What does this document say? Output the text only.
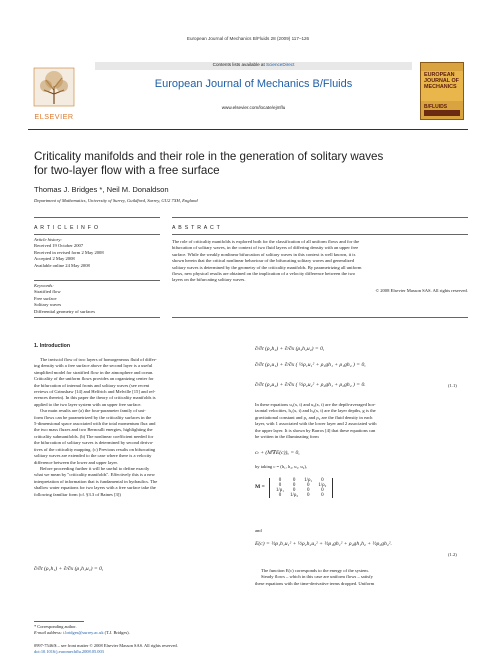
European Journal of Mechanics B/Fluids 28 (2009) 117–126
Contents lists available at ScienceDirect
European Journal of Mechanics B/Fluids
www.elsevier.com/locate/ejmflu
ELSEVIER
EUROPEAN JOURNAL OF MECHANICS
B/FLUIDS
Criticality manifolds and their role in the generation of solitary waves
for two-layer flow with a free surface
Thomas J. Bridges *, Neil M. Donaldson
Department of Mathematics, University of Surrey, Guildford, Surrey, GU2 7XH, England
A R T I C L E I N F O
Article history:
Received 19 October 2007
Received in revised form 2 May 2008
Accepted 2 May 2008
Available online 24 May 2008
Keywords:
Stratified flow
Free surface
Solitary waves
Differential geometry of surfaces
A B S T R A C T
The role of criticality manifolds is explored both for the classification of all uniform flows and for the
bifurcation of solitary waves, in the context of two fluid layers of differing density with an upper free
surface. While the weakly nonlinear bifurcation of solitary waves in this context is well known, it is
shown herein that the critical nonlinear behaviour of the bifurcating solitary waves and generalized
solitary waves is determined by the geometry of the criticality manifolds. By parametrizing all uniform
flows, new physical results are obtained on the implication of a velocity difference between the two
layers on the bifurcating solitary waves.
© 2008 Elsevier Masson SAS. All rights reserved.
1. Introduction
The inviscid flow of two layers of homogeneous fluid of differ-
ing density with a free surface above the second layer is a useful
simplified model for stratified flow in the atmosphere and ocean.
Criticality of the uniform flows provides an organizing center for
the bifurcation of internal fronts and solitary waves (see recent
reviews of Grimshaw [14] and Helfrich and Melville [15] and ref-
erences therein). In this paper the theory of criticality manifolds is
applied to the two layer system with an upper free surface.
Our main results are (a) the four-parameter family of uni-
form flows can be parametrized by the criticality surfaces in the
5-dimensional space associated with the total momentum flux and
the two mass fluxes and two Bernoulli energies, highlighting the
criticality submanifolds. (b) The nonlinear coefficient needed for
the bifurcation of solitary waves is determined by second deriva-
tives of the criticality mapping. (c) Previous results on bifurcating
solitary waves are extended to the case where there is a velocity
difference between the lower and upper layer.
Before proceeding further it will be useful to define exactly
what we mean by "criticality manifolds". Effectively this is a new
interpretation of information that is fundamental in hydraulics. The
shallow water equations for two layers with a free surface take the
following familiar form (cf. §3.3 of Baines [3])
∂/∂t (ρ₁h₁) + ∂/∂x (ρ₁h₁u₁) = 0,
∂/∂t (ρ₂h₂) + ∂/∂x (ρ₂h₂u₂) = 0,
∂/∂t (ρ₁u₁) + ∂/∂x ( ½ρ₁u₁² + ρ₁gh₁ + ρ₁gh₂ ) = 0,
∂/∂t (ρ₂u₂) + ∂/∂x ( ½ρ₂u₂² + ρ₂gh₁ + ρ₂gh₂ ) = 0.	(1.1)
In these equations u₁(x, t) and u₂(x, t) are the depth-averaged hor-
izontal velocities, h₁(x, t) and h₂(x, t) are the layer depths, g is the
gravitational constant and ρ₁ and ρ₂ are the fluid density in each
layer, with 1 associated with the lower layer and 2 associated with
the upper layer. It is shown by Barros [4] that these equations can
be written in the illuminating form
cₜ + (M∇E(c))ₓ = 0,
by taking c = (h₁, h₂, u₁, u₂),
M =
0	0	1/ρ₁	0
0	0	0	1/ρ₂
1/ρ₁	0	0	0
0	1/ρ₂	0	0
and
E(c) = ½ρ₁h₁u₁² + ½ρ₂h₂u₂² + ½ρ₁gh₁² + ρ₂gh₁h₂ + ½ρ₂gh₂².
(1.2)
The function E(c) corresponds to the energy of the system.
Steady flows – which in this case are uniform flows – satisfy
these equations with the time-derivative terms dropped. Uniform
* Corresponding author.
E-mail address: t.bridges@surrey.ac.uk (T.J. Bridges).
0997-7546/$ – see front matter © 2008 Elsevier Masson SAS. All rights reserved.
doi:10.1016/j.euromechflu.2008.05.003
